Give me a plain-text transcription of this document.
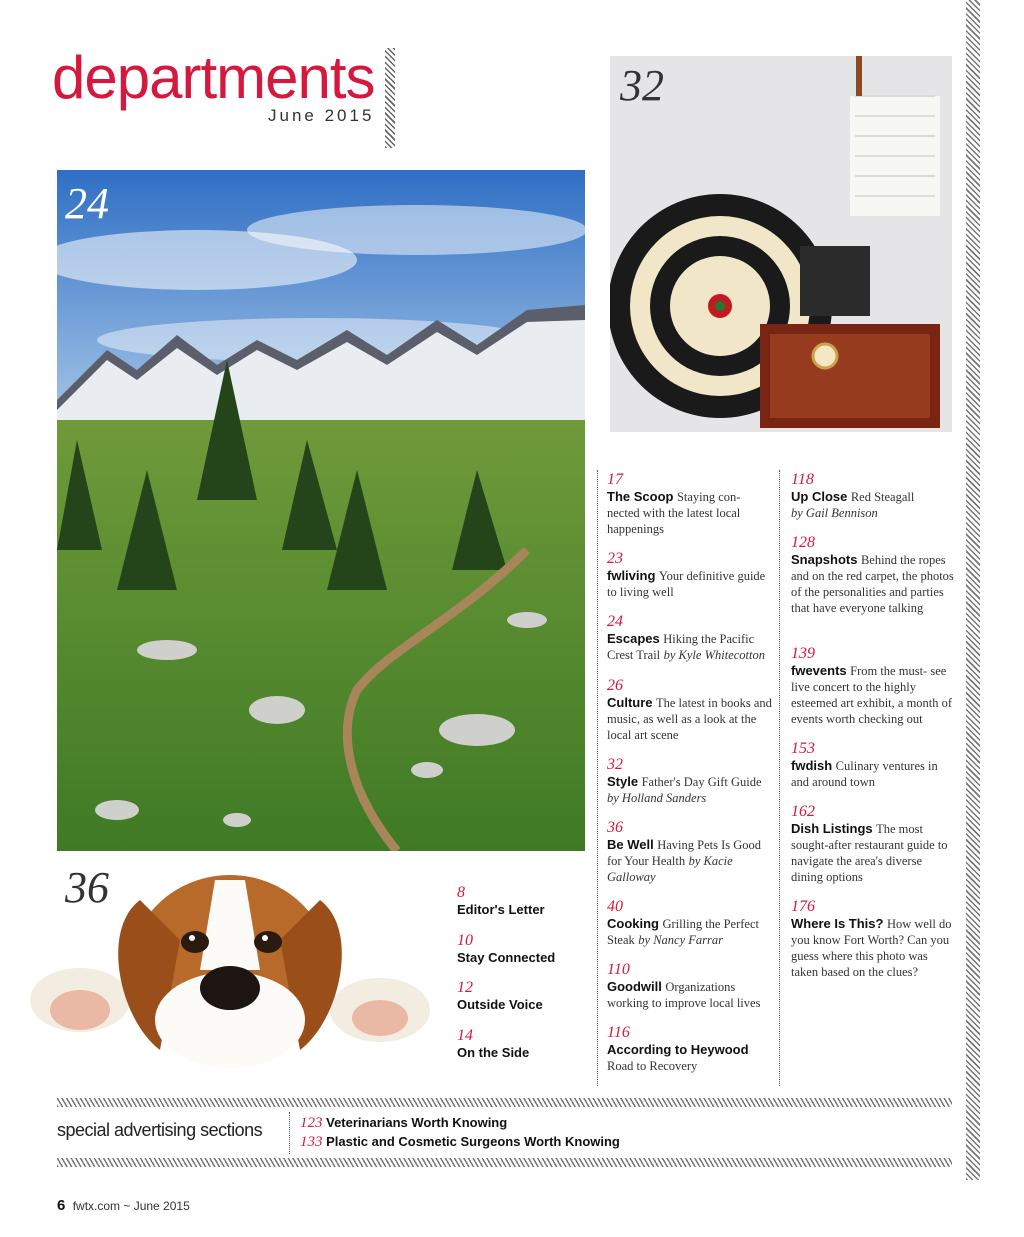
departments
June 2015
24
32
36	8
Editor's Letter
10
Stay Connected
12
Outside Voice
14
On the Side
17
The Scoop Staying con- nected with the latest local happenings
23
fwliving Your definitive guide to living well
24
Escapes Hiking the Pacific Crest Trail by Kyle Whitecotton
26
Culture The latest in books and music, as well as a look at the local art scene
32
Style Father's Day Gift Guide by Holland Sanders
36
Be Well Having Pets Is Good for Your Health by Kacie Galloway
40
Cooking Grilling the Perfect Steak by Nancy Farrar
110
Goodwill Organizations working to improve local lives
116
According to Heywood
Road to Recovery
118
Up Close Red Steagall
by Gail Bennison
128
Snapshots Behind the ropes and on the red carpet, the photos of the personalities and parties that have everyone talking
139
fwevents From the must- see live concert to the highly esteemed art exhibit, a month of events worth checking out
153
fwdish Culinary ventures in and around town
162
Dish Listings The most sought-after restaurant guide to navigate the area's diverse dining options
176
Where Is This? How well do you know Fort Worth? Can you guess where this photo was taken based on the clues?
special advertising sections	123 Veterinarians Worth Knowing
133 Plastic and Cosmetic Surgeons Worth Knowing
6 fwtx.com ~ June 2015
